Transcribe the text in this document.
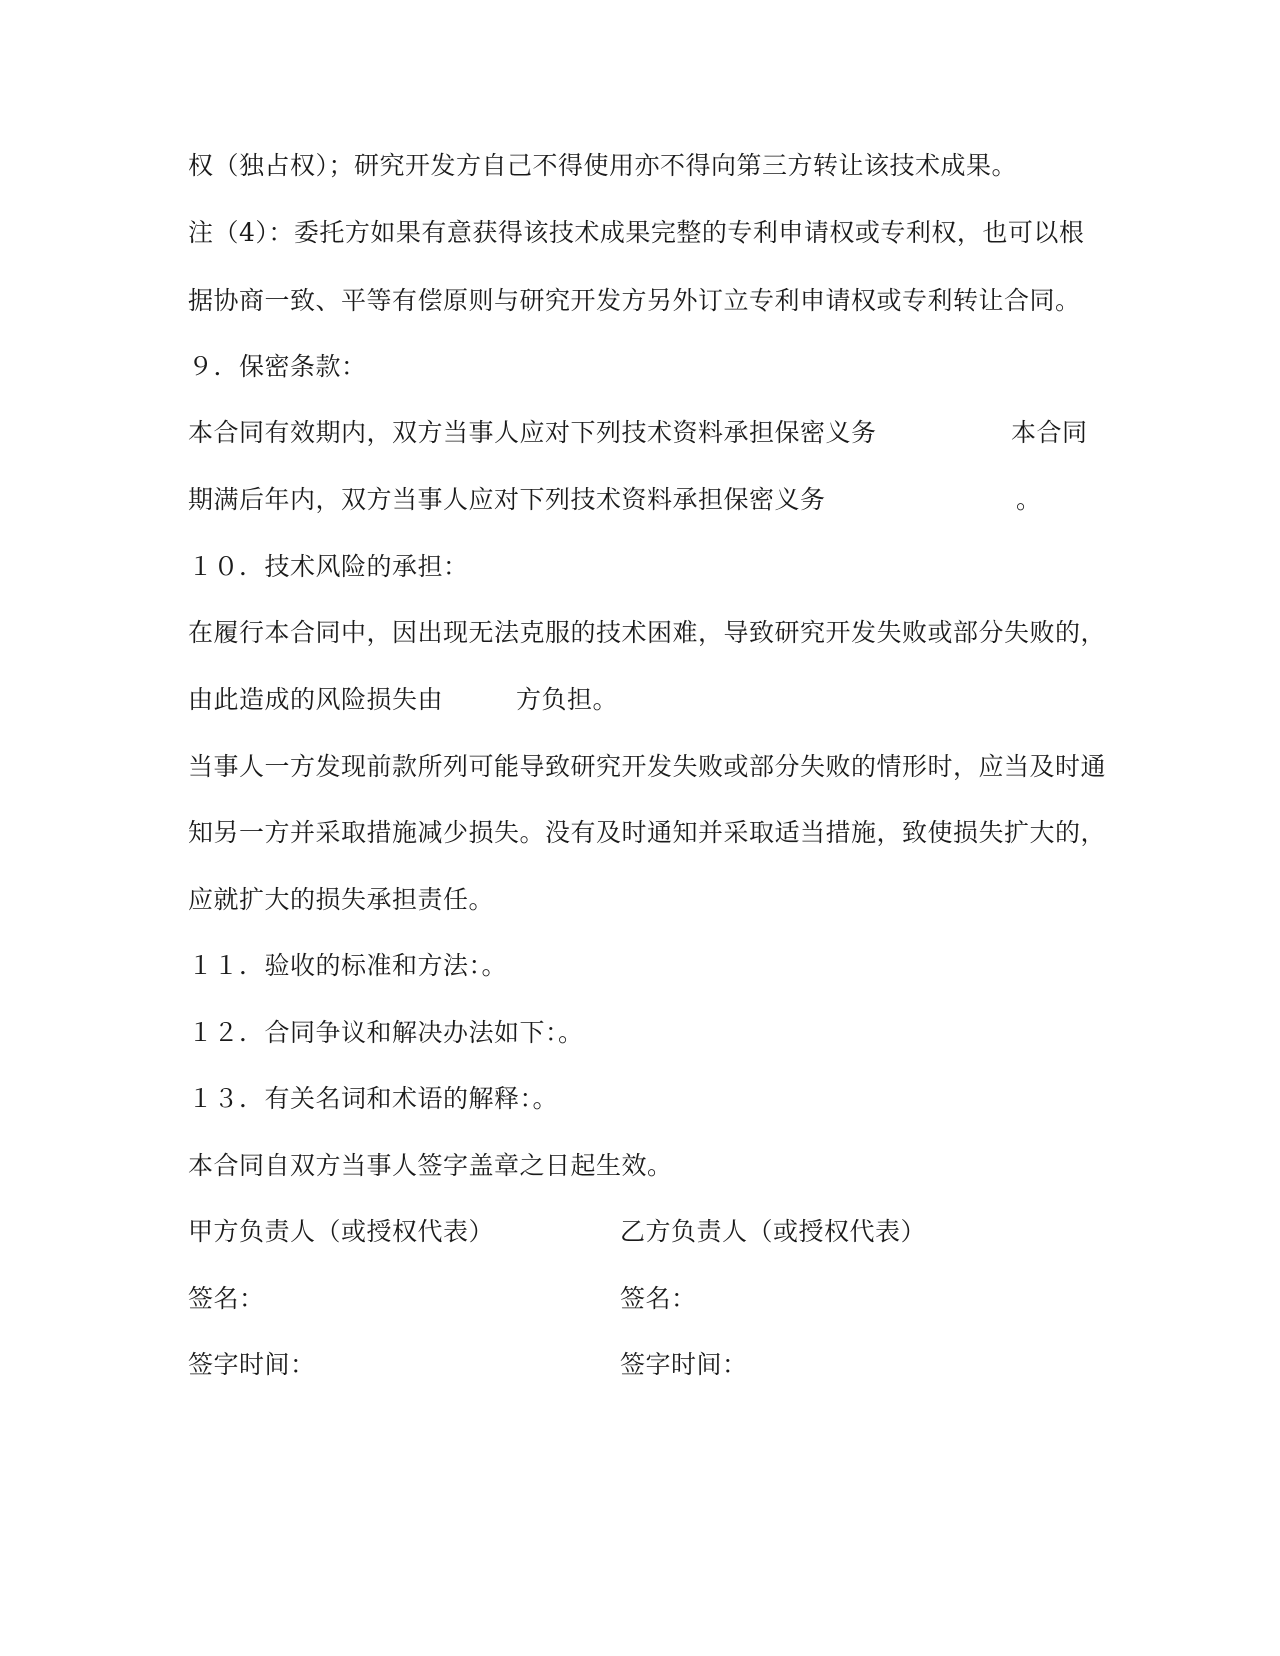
权（独占权）；研究开发方自己不得使用亦不得向第三方转让该技术成果。
注（4）：委托方如果有意获得该技术成果完整的专利申请权或专利权，也可以根
据协商一致、平等有偿原则与研究开发方另外订立专利申请权或专利转让合同。
９．保密条款：
本合同有效期内，双方当事人应对下列技术资料承担保密义务	本合同
期满后年内，双方当事人应对下列技术资料承担保密义务	。
１０．技术风险的承担：
在履行本合同中，因出现无法克服的技术困难，导致研究开发失败或部分失败的，
由此造成的风险损失由	方负担。
当事人一方发现前款所列可能导致研究开发失败或部分失败的情形时，应当及时通
知另一方并采取措施减少损失。没有及时通知并采取适当措施，致使损失扩大的，
应就扩大的损失承担责任。
１１．验收的标准和方法：。
１２．合同争议和解决办法如下：。
１３．有关名词和术语的解释：。
本合同自双方当事人签字盖章之日起生效。
甲方负责人（或授权代表）	乙方负责人（或授权代表）
签名：	签名：
签字时间：	签字时间：
